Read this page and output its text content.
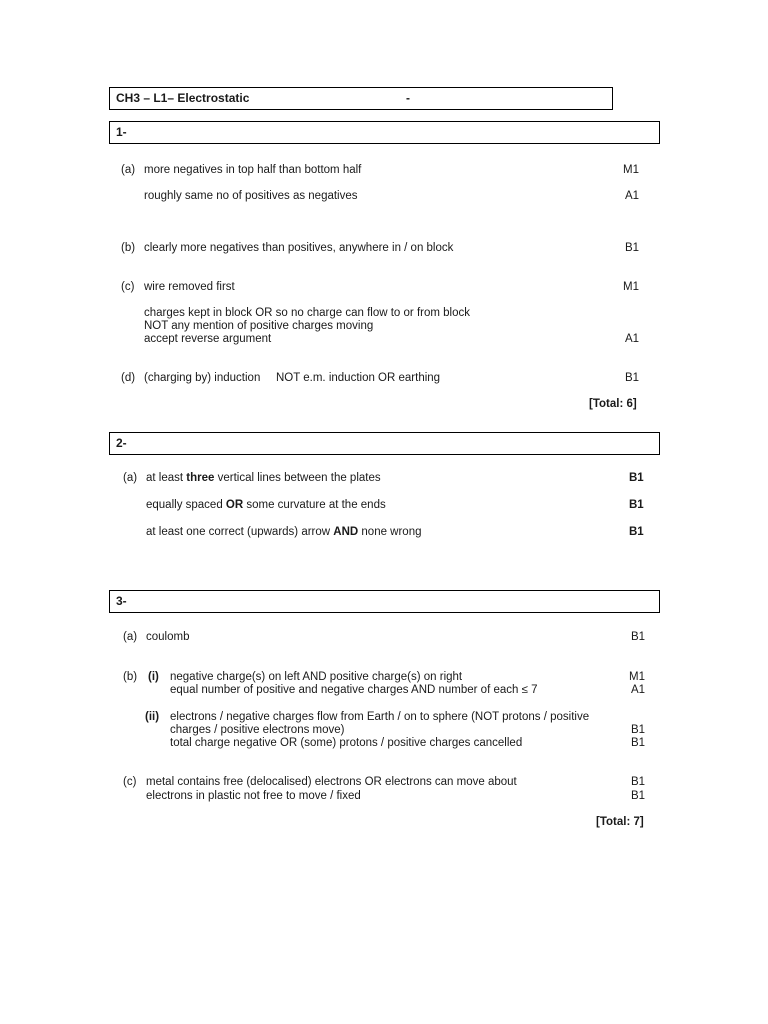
CH3 – L1– Electrostatic	-
1-
(a) more negatives in top half than bottom half	M1
roughly same no of positives as negatives	A1
(b) clearly more negatives than positives, anywhere in / on block	B1
(c) wire removed first	M1
charges kept in block OR so no charge can flow to or from block
NOT any mention of positive charges moving
accept reverse argument	A1
(d) (charging by) induction NOT e.m. induction OR earthing	B1
[Total: 6]
2-
(a) at least three vertical lines between the plates	B1
equally spaced OR some curvature at the ends	B1
at least one correct (upwards) arrow AND none wrong	B1
3-
(a) coulomb	B1
(b) (i) negative charge(s) on left AND positive charge(s) on right	M1
equal number of positive and negative charges AND number of each ≤ 7	A1
(ii) electrons / negative charges flow from Earth / on to sphere (NOT protons / positive
charges / positive electrons move)	B1
total charge negative OR (some) protons / positive charges cancelled	B1
(c) metal contains free (delocalised) electrons OR electrons can move about	B1
electrons in plastic not free to move / fixed	B1
[Total: 7]
